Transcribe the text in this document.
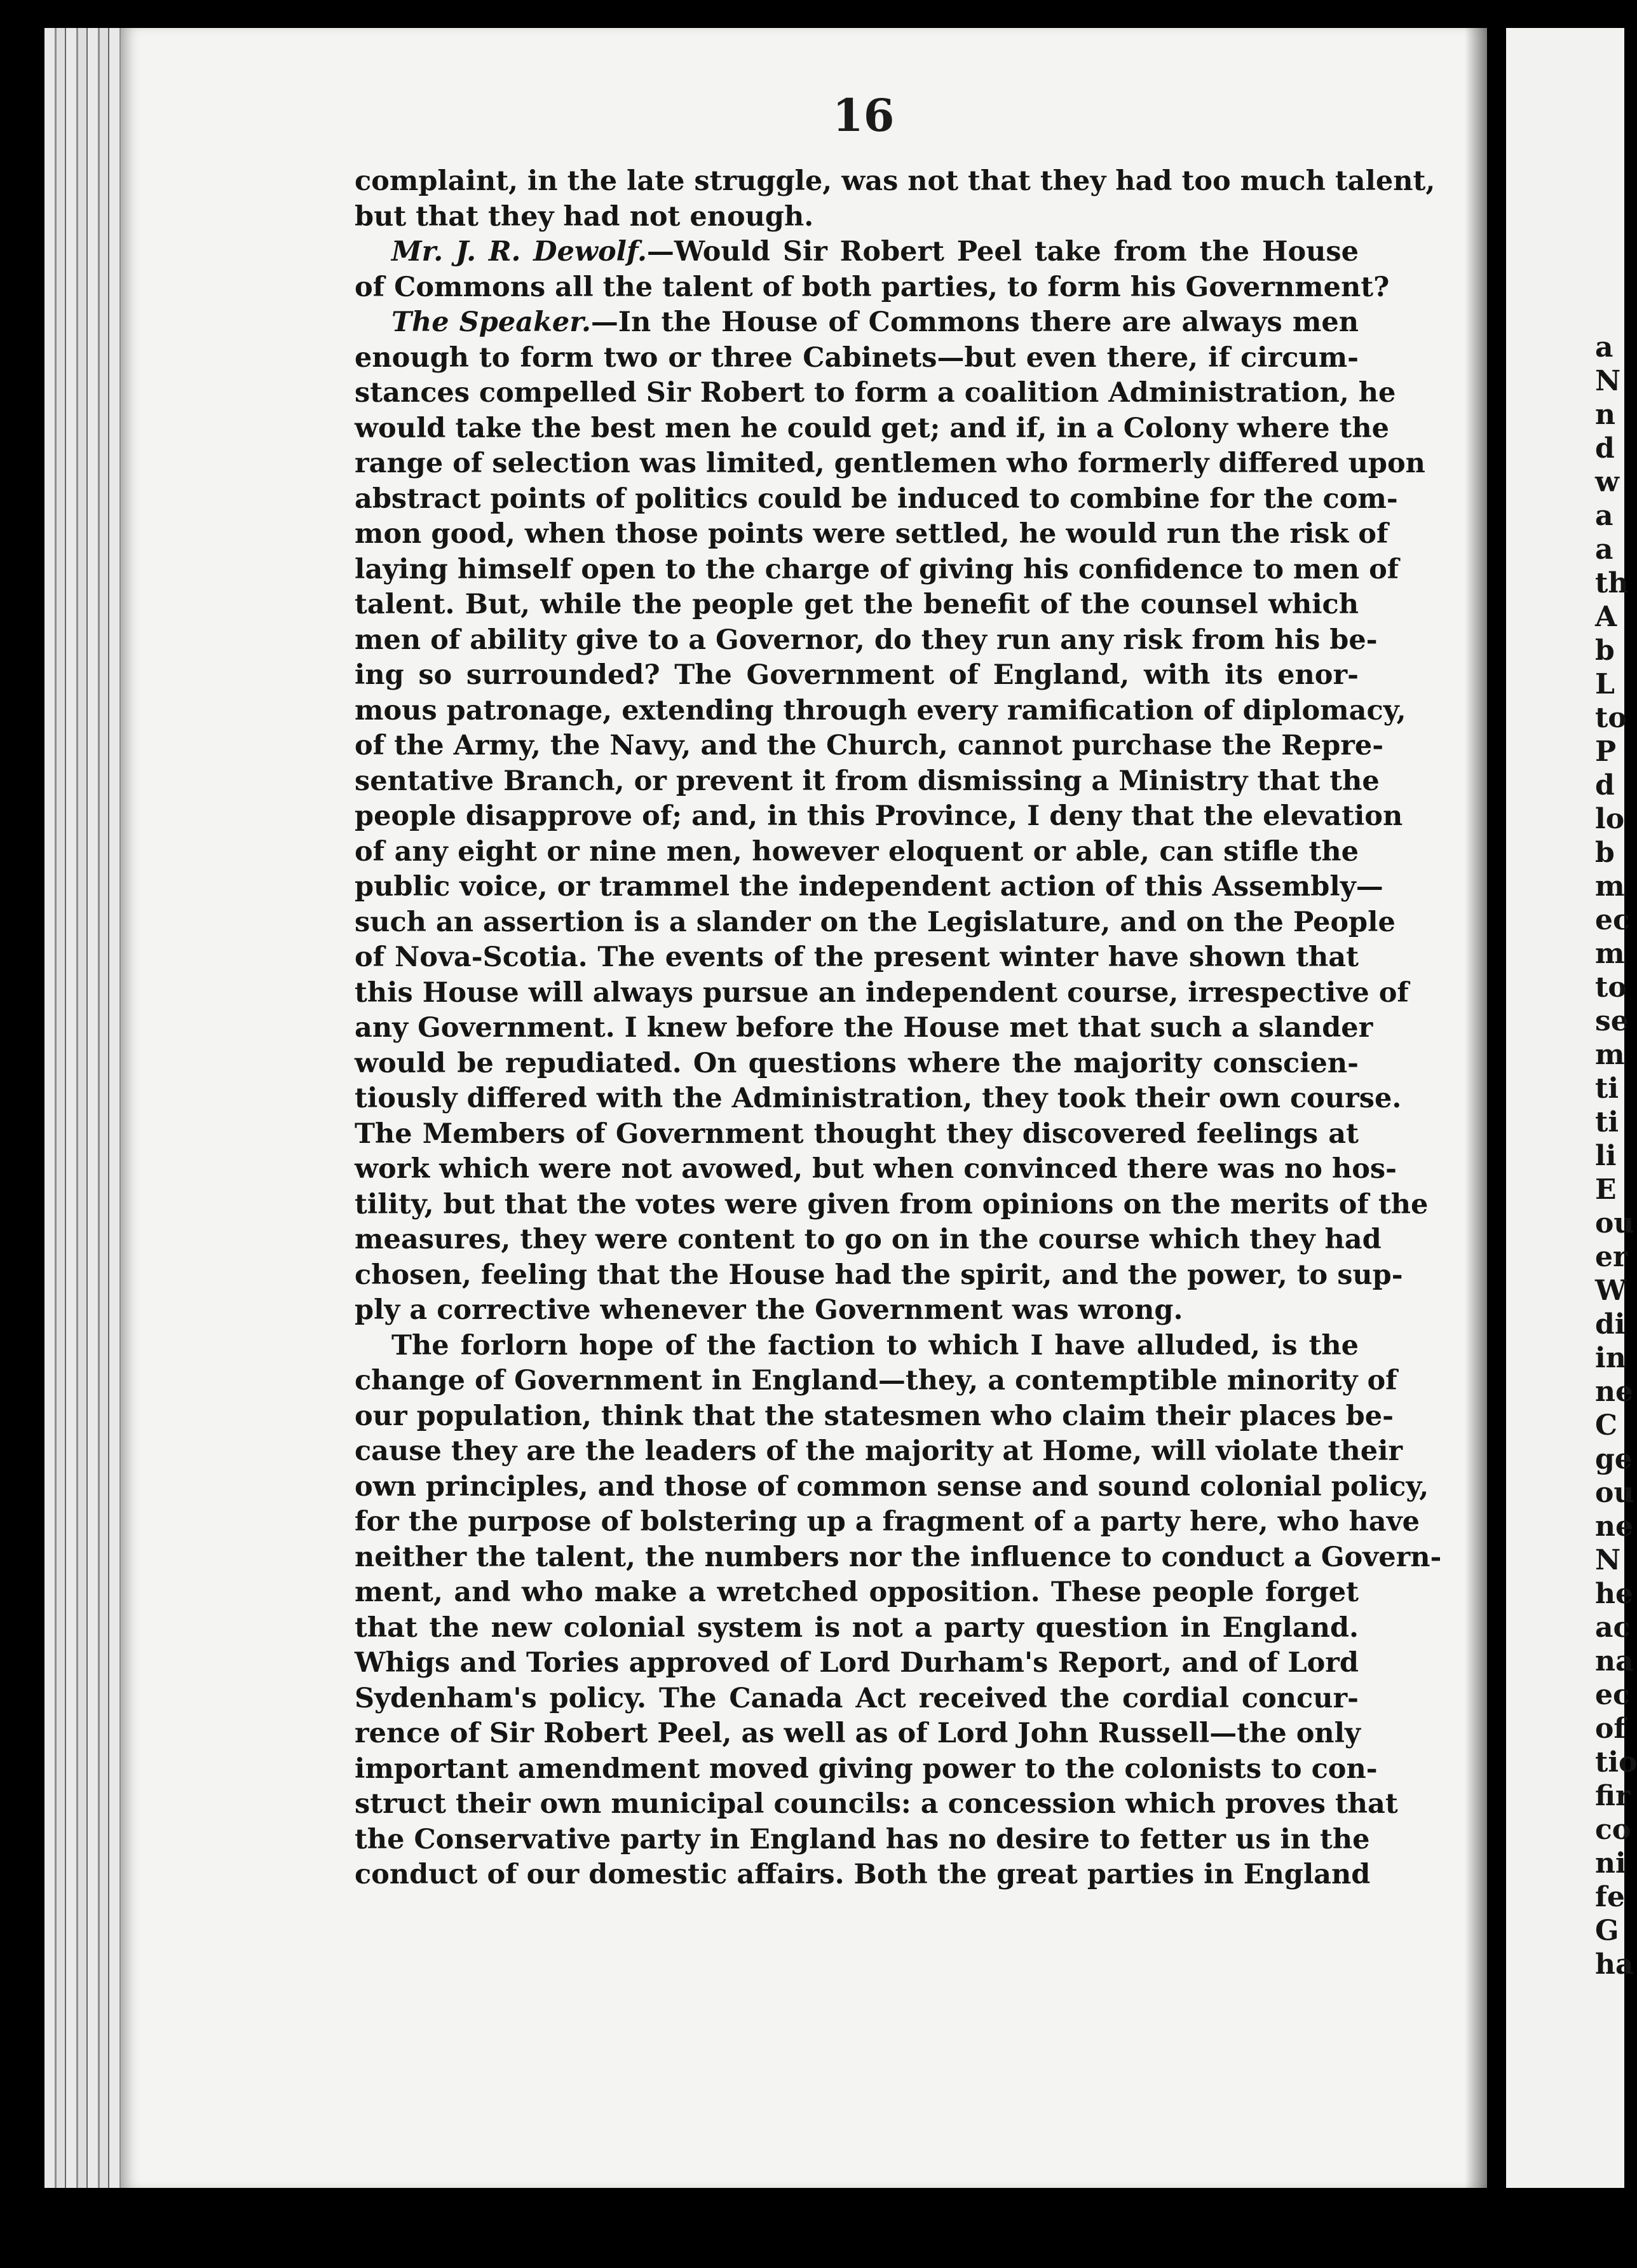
a
N
n
d
w
a
a
th
A
b
L
to
P
d
lo
b
m
ec
m
to
se
m
ti
ti
li
E
ou
er
W
di
in
ne
C
ge
ou
ne
N
he
ac
na
ec
of
tio
fir
co
ni
fe
G
ha
16
complaint, in the late struggle, was not that they had too much talent,
but that they had not enough.
Mr. J. R. Dewolf.—Would Sir Robert Peel take from the House
of Commons all the talent of both parties, to form his Government?
The Speaker.—In the House of Commons there are always men
enough to form two or three Cabinets—but even there, if circum-
stances compelled Sir Robert to form a coalition Administration, he
would take the best men he could get; and if, in a Colony where the
range of selection was limited, gentlemen who formerly differed upon
abstract points of politics could be induced to combine for the com-
mon good, when those points were settled, he would run the risk of
laying himself open to the charge of giving his confidence to men of
talent. But, while the people get the benefit of the counsel which
men of ability give to a Governor, do they run any risk from his be-
ing so surrounded? The Government of England, with its enor-
mous patronage, extending through every ramification of diplomacy,
of the Army, the Navy, and the Church, cannot purchase the Repre-
sentative Branch, or prevent it from dismissing a Ministry that the
people disapprove of; and, in this Province, I deny that the elevation
of any eight or nine men, however eloquent or able, can stifle the
public voice, or trammel the independent action of this Assembly—
such an assertion is a slander on the Legislature, and on the People
of Nova-Scotia. The events of the present winter have shown that
this House will always pursue an independent course, irrespective of
any Government. I knew before the House met that such a slander
would be repudiated. On questions where the majority conscien-
tiously differed with the Administration, they took their own course.
The Members of Government thought they discovered feelings at
work which were not avowed, but when convinced there was no hos-
tility, but that the votes were given from opinions on the merits of the
measures, they were content to go on in the course which they had
chosen, feeling that the House had the spirit, and the power, to sup-
ply a corrective whenever the Government was wrong.
The forlorn hope of the faction to which I have alluded, is the
change of Government in England—they, a contemptible minority of
our population, think that the statesmen who claim their places be-
cause they are the leaders of the majority at Home, will violate their
own principles, and those of common sense and sound colonial policy,
for the purpose of bolstering up a fragment of a party here, who have
neither the talent, the numbers nor the influence to conduct a Govern-
ment, and who make a wretched opposition. These people forget
that the new colonial system is not a party question in England.
Whigs and Tories approved of Lord Durham's Report, and of Lord
Sydenham's policy. The Canada Act received the cordial concur-
rence of Sir Robert Peel, as well as of Lord John Russell—the only
important amendment moved giving power to the colonists to con-
struct their own municipal councils: a concession which proves that
the Conservative party in England has no desire to fetter us in the
conduct of our domestic affairs. Both the great parties in England
